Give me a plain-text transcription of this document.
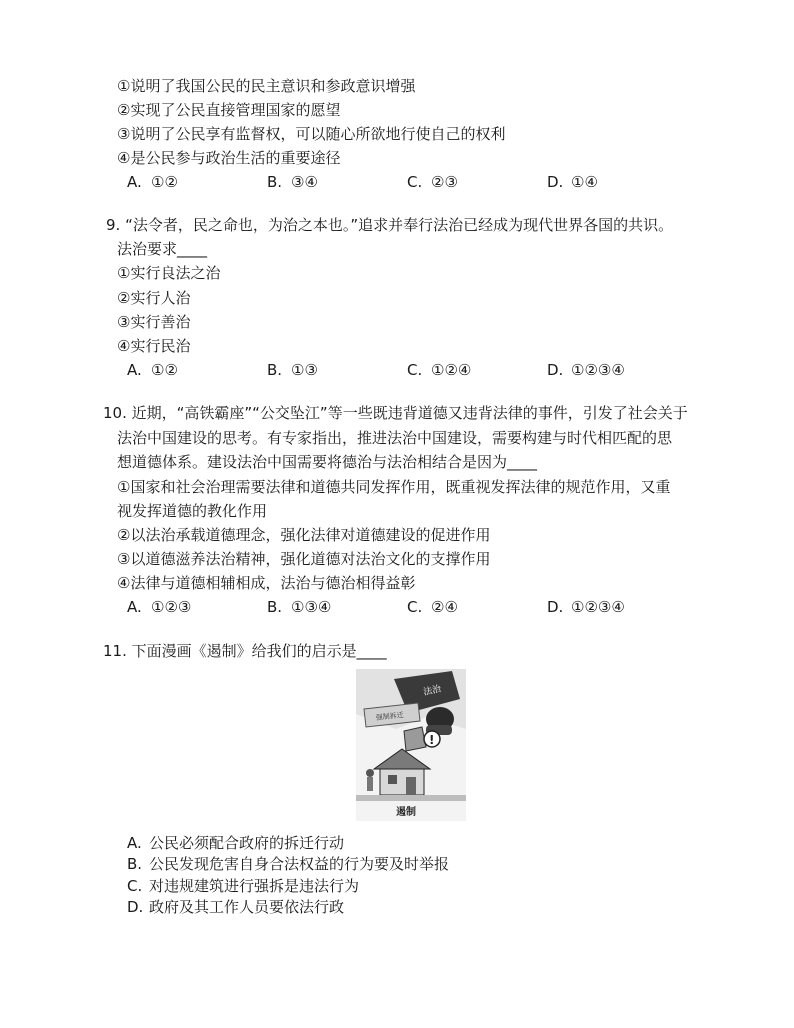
①说明了我国公民的民主意识和参政意识增强
②实现了公民直接管理国家的愿望
③说明了公民享有监督权，可以随心所欲地行使自己的权利
④是公民参与政治生活的重要途径
A. ①②	B. ③④	C. ②③	D. ①④
9. “法令者，民之命也，为治之本也。”追求并奉行法治已经成为现代世界各国的共识。
法治要求____
①实行良法之治
②实行人治
③实行善治
④实行民治
A. ①②	B. ①③	C. ①②④	D. ①②③④
10. 近期，“高铁霸座”“公交坠江”等一些既违背道德又违背法律的事件，引发了社会关于
法治中国建设的思考。有专家指出，推进法治中国建设，需要构建与时代相匹配的思
想道德体系。建设法治中国需要将德治与法治相结合是因为____
①国家和社会治理需要法律和道德共同发挥作用，既重视发挥法律的规范作用，又重
视发挥道德的教化作用
②以法治承载道德理念，强化法律对道德建设的促进作用
③以道德滋养法治精神，强化道德对法治文化的支撑作用
④法律与道德相辅相成，法治与德治相得益彰
A. ①②③	B. ①③④	C. ②④	D. ①②③④
11. 下面漫画《遏制》给我们的启示是____
法治
强制拆迁
!
遏制
A. 公民必须配合政府的拆迁行动
B. 公民发现危害自身合法权益的行为要及时举报
C. 对违规建筑进行强拆是违法行为
D. 政府及其工作人员要依法行政
